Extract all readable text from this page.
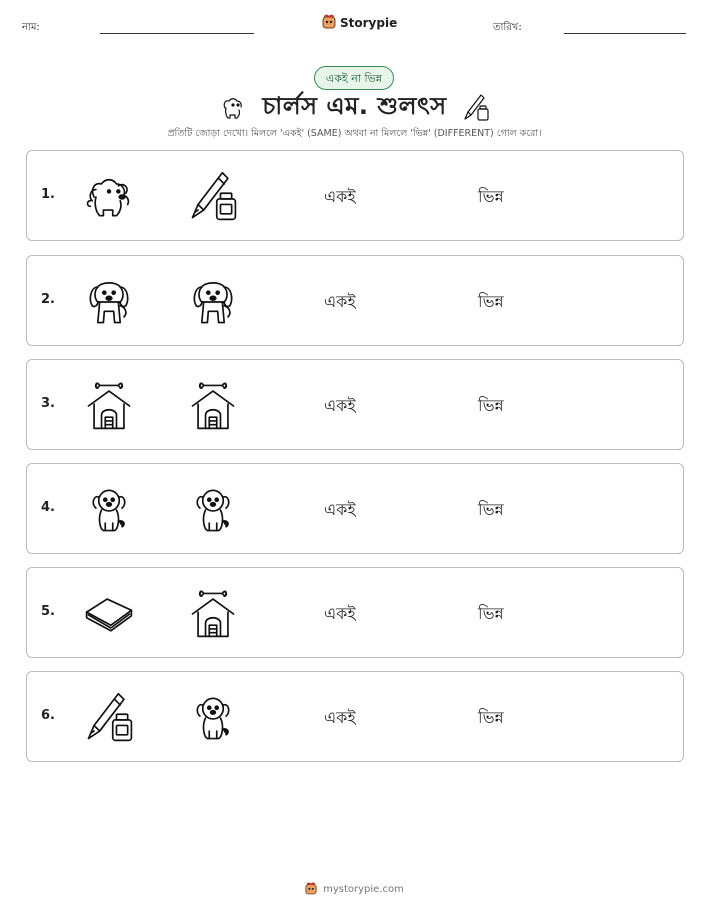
নাম:	Storypie	তারিখ:
একই না ভিন্ন
চার্লস এম. শুলৎস
প্রতিটি জোড়া দেখো। মিললে 'একই' (SAME) অথবা না মিললে 'ভিন্ন' (DIFFERENT) গোল করো।
1.	একই	ভিন্ন
2.	একই	ভিন্ন
3.	একই	ভিন্ন
4.	একই	ভিন্ন
5.	একই	ভিন্ন
6.	একই	ভিন্ন
mystorypie.com
